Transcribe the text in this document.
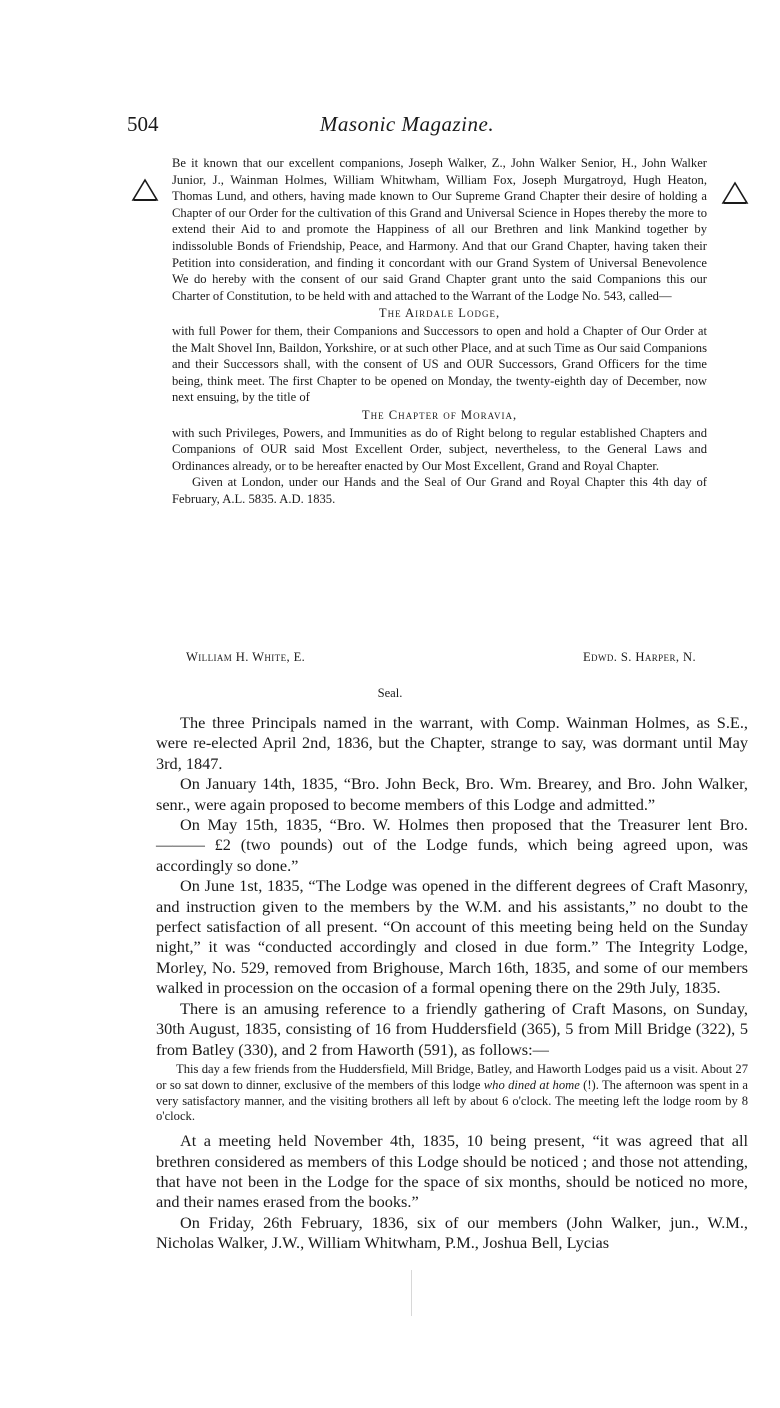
504	Masonic Magazine.

Be it known that our excellent companions, Joseph Walker, Z., John Walker Senior, H., John Walker Junior, J., Wainman Holmes, William Whitwham, William Fox, Joseph Murgatroyd, Hugh Heaton, Thomas Lund, and others, having made known to Our Supreme Grand Chapter their desire of holding a Chapter of our Order for the cultivation of this Grand and Universal Science in Hopes thereby the more to extend their Aid to and promote the Happiness of all our Brethren and link Mankind together by indissoluble Bonds of Friendship, Peace, and Harmony. And that our Grand Chapter, having taken their Petition into consideration, and finding it concordant with our Grand System of Universal Benevolence We do hereby with the consent of our said Grand Chapter grant unto the said Companions this our Charter of Constitution, to be held with and attached to the Warrant of the Lodge No. 543, called—

The Airdale Lodge,

with full Power for them, their Companions and Successors to open and hold a Chapter of Our Order at the Malt Shovel Inn, Baildon, Yorkshire, or at such other Place, and at such Time as Our said Companions and their Successors shall, with the consent of US and OUR Successors, Grand Officers for the time being, think meet. The first Chapter to be opened on Monday, the twenty-eighth day of December, now next ensuing, by the title of

The Chapter of Moravia,

with such Privileges, Powers, and Immunities as do of Right belong to regular established Chapters and Companions of OUR said Most Excellent Order, subject, nevertheless, to the General Laws and Ordinances already, or to be hereafter enacted by Our Most Excellent, Grand and Royal Chapter.

Given at London, under our Hands and the Seal of Our Grand and Royal Chapter this 4th day of February, A.L. 5835. A.D. 1835.

William H. White, E.	Edwd. S. Harper, N.
Seal.

The three Principals named in the warrant, with Comp. Wainman Holmes, as S.E., were re-elected April 2nd, 1836, but the Chapter, strange to say, was dormant until May 3rd, 1847.

On January 14th, 1835, “Bro. John Beck, Bro. Wm. Brearey, and Bro. John Walker, senr., were again proposed to become members of this Lodge and admitted.”

On May 15th, 1835, “Bro. W. Holmes then proposed that the Treasurer lent Bro. ——— £2 (two pounds) out of the Lodge funds, which being agreed upon, was accordingly so done.”

On June 1st, 1835, “The Lodge was opened in the different degrees of Craft Masonry, and instruction given to the members by the W.M. and his assistants,” no doubt to the perfect satisfaction of all present. “On account of this meeting being held on the Sunday night,” it was “conducted accordingly and closed in due form.” The Integrity Lodge, Morley, No. 529, removed from Brighouse, March 16th, 1835, and some of our members walked in procession on the occasion of a formal opening there on the 29th July, 1835.

There is an amusing reference to a friendly gathering of Craft Masons, on Sunday, 30th August, 1835, consisting of 16 from Huddersfield (365), 5 from Mill Bridge (322), 5 from Batley (330), and 2 from Haworth (591), as follows:—

This day a few friends from the Huddersfield, Mill Bridge, Batley, and Haworth Lodges paid us a visit. About 27 or so sat down to dinner, exclusive of the members of this lodge who dined at home (!). The afternoon was spent in a very satisfactory manner, and the visiting brothers all left by about 6 o'clock. The meeting left the lodge room by 8 o'clock.

At a meeting held November 4th, 1835, 10 being present, “it was agreed that all brethren considered as members of this Lodge should be noticed ; and those not attending, that have not been in the Lodge for the space of six months, should be noticed no more, and their names erased from the books.”

On Friday, 26th February, 1836, six of our members (John Walker, jun., W.M., Nicholas Walker, J.W., William Whitwham, P.M., Joshua Bell, Lycias
